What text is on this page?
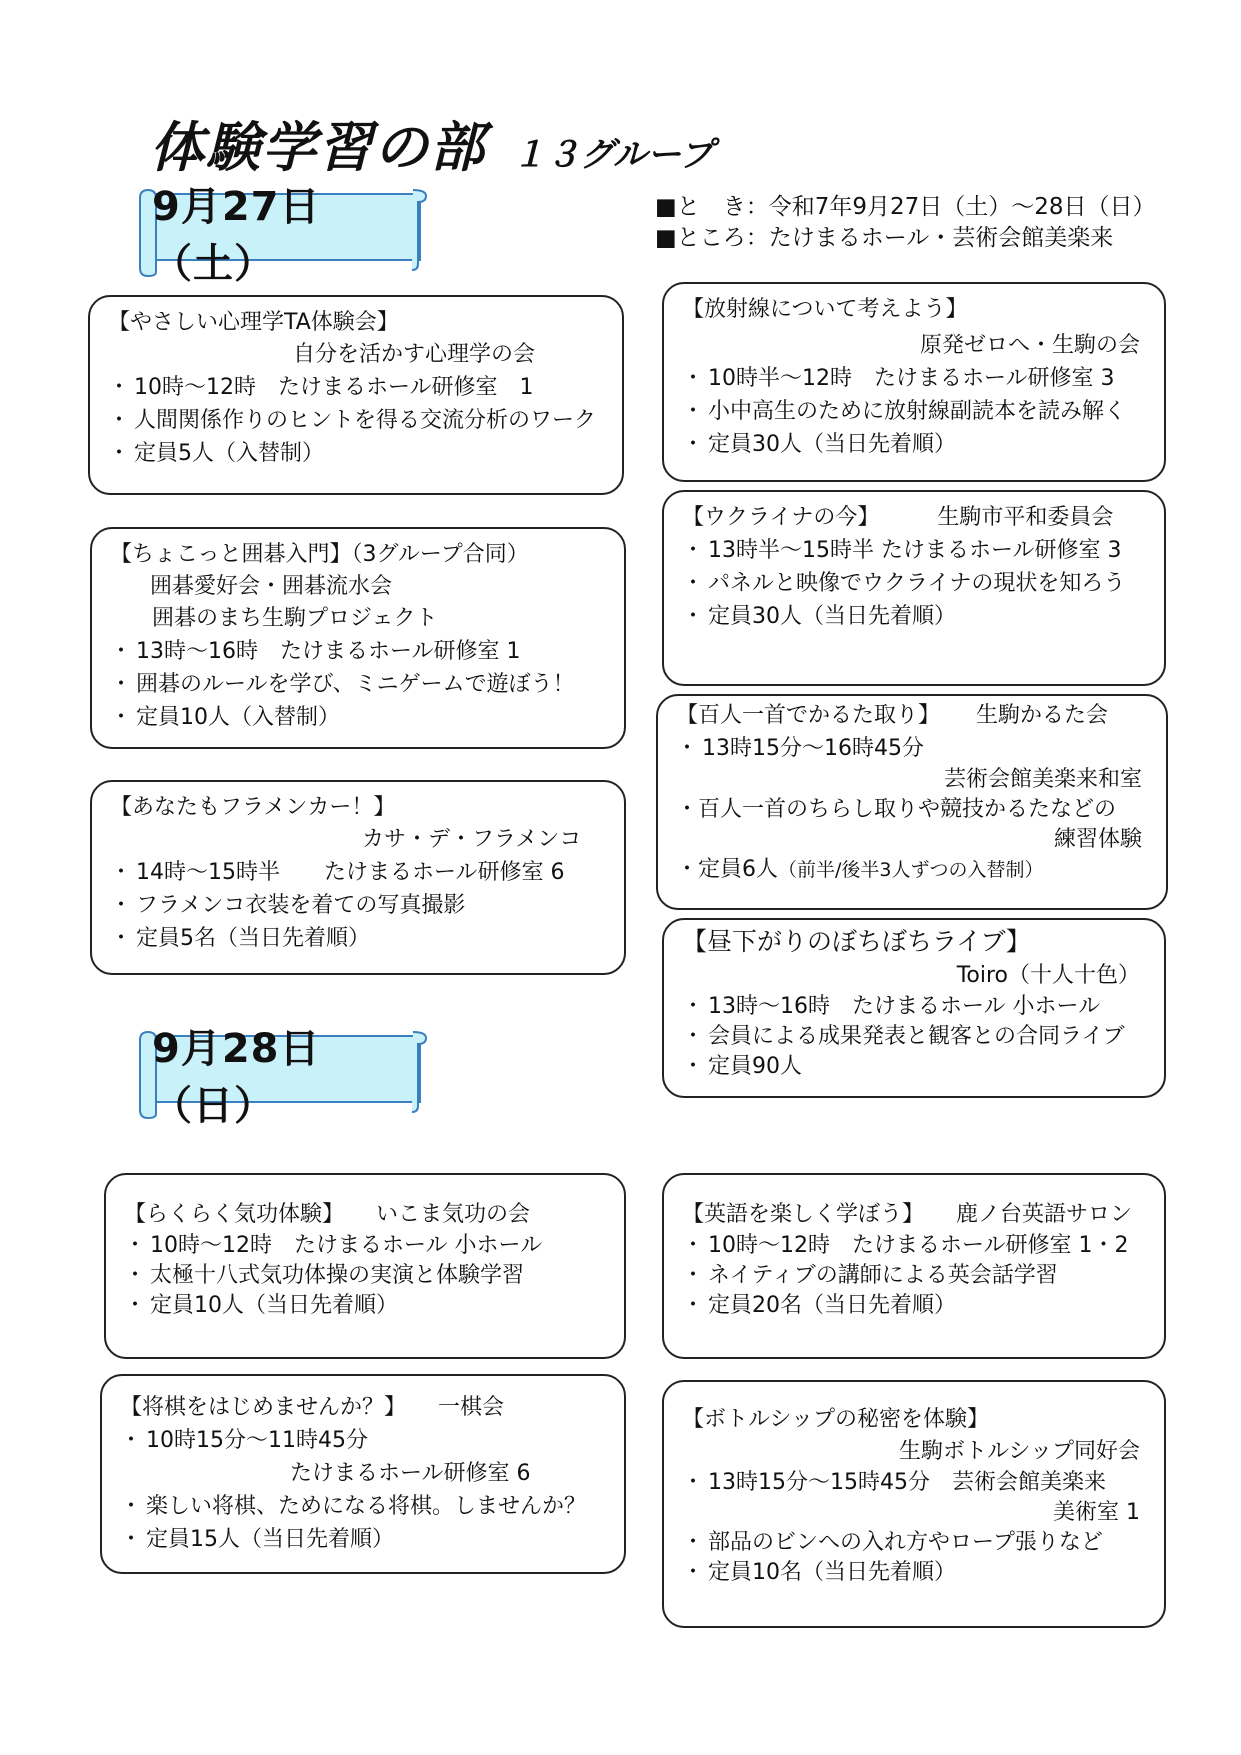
体験学習の部 １３グループ
■と　き：令和7年9月27日（土）～28日（日）
■ところ：たけまるホール・芸術会館美楽来
9月27日（土）
9月28日（日）
【やさしい心理学TA体験会】
自分を活かす心理学の会
・ 10時～12時　たけまるホール研修室　1
・ 人間関係作りのヒントを得る交流分析のワーク
・ 定員5人（入替制）
【ちょこっと囲碁入門】（3グループ合同）
囲碁愛好会・囲碁流水会
囲碁のまち生駒プロジェクト
・ 13時～16時　たけまるホール研修室 1
・ 囲碁のルールを学び、ミニゲームで遊ぼう！
・ 定員10人（入替制）
【あなたもフラメンカー！】
カサ・デ・フラメンコ
・ 14時～15時半　　たけまるホール研修室 6
・ フラメンコ衣装を着ての写真撮影
・ 定員5名（当日先着順）
【放射線について考えよう】
原発ゼロへ・生駒の会
・ 10時半～12時　たけまるホール研修室 3
・ 小中高生のために放射線副読本を読み解く
・ 定員30人（当日先着順）
【ウクライナの今】	生駒市平和委員会
・ 13時半～15時半 たけまるホール研修室 3
・ パネルと映像でウクライナの現状を知ろう
・ 定員30人（当日先着順）
【百人一首でかるた取り】 生駒かるた会
・ 13時15分～16時45分
芸術会館美楽来和室
・百人一首のちらし取りや競技かるたなどの
練習体験
・定員6人（前半/後半3人ずつの入替制）
【昼下がりのぼちぼちライブ】
Toiro（十人十色）
・ 13時～16時　たけまるホール 小ホール
・ 会員による成果発表と観客との合同ライブ
・ 定員90人
【らくらく気功体験】 いこま気功の会
・ 10時～12時　たけまるホール 小ホール
・ 太極十八式気功体操の実演と体験学習
・ 定員10人（当日先着順）
【将棋をはじめませんか？】 一棋会
・ 10時15分～11時45分
たけまるホール研修室 6
・ 楽しい将棋、ためになる将棋。しませんか？
・ 定員15人（当日先着順）
【英語を楽しく学ぼう】 鹿ノ台英語サロン
・ 10時～12時　たけまるホール研修室 1・2
・ ネイティブの講師による英会話学習
・ 定員20名（当日先着順）
【ボトルシップの秘密を体験】
生駒ボトルシップ同好会
・ 13時15分～15時45分　芸術会館美楽来
美術室 1
・ 部品のビンへの入れ方やロープ張りなど
・ 定員10名（当日先着順）
